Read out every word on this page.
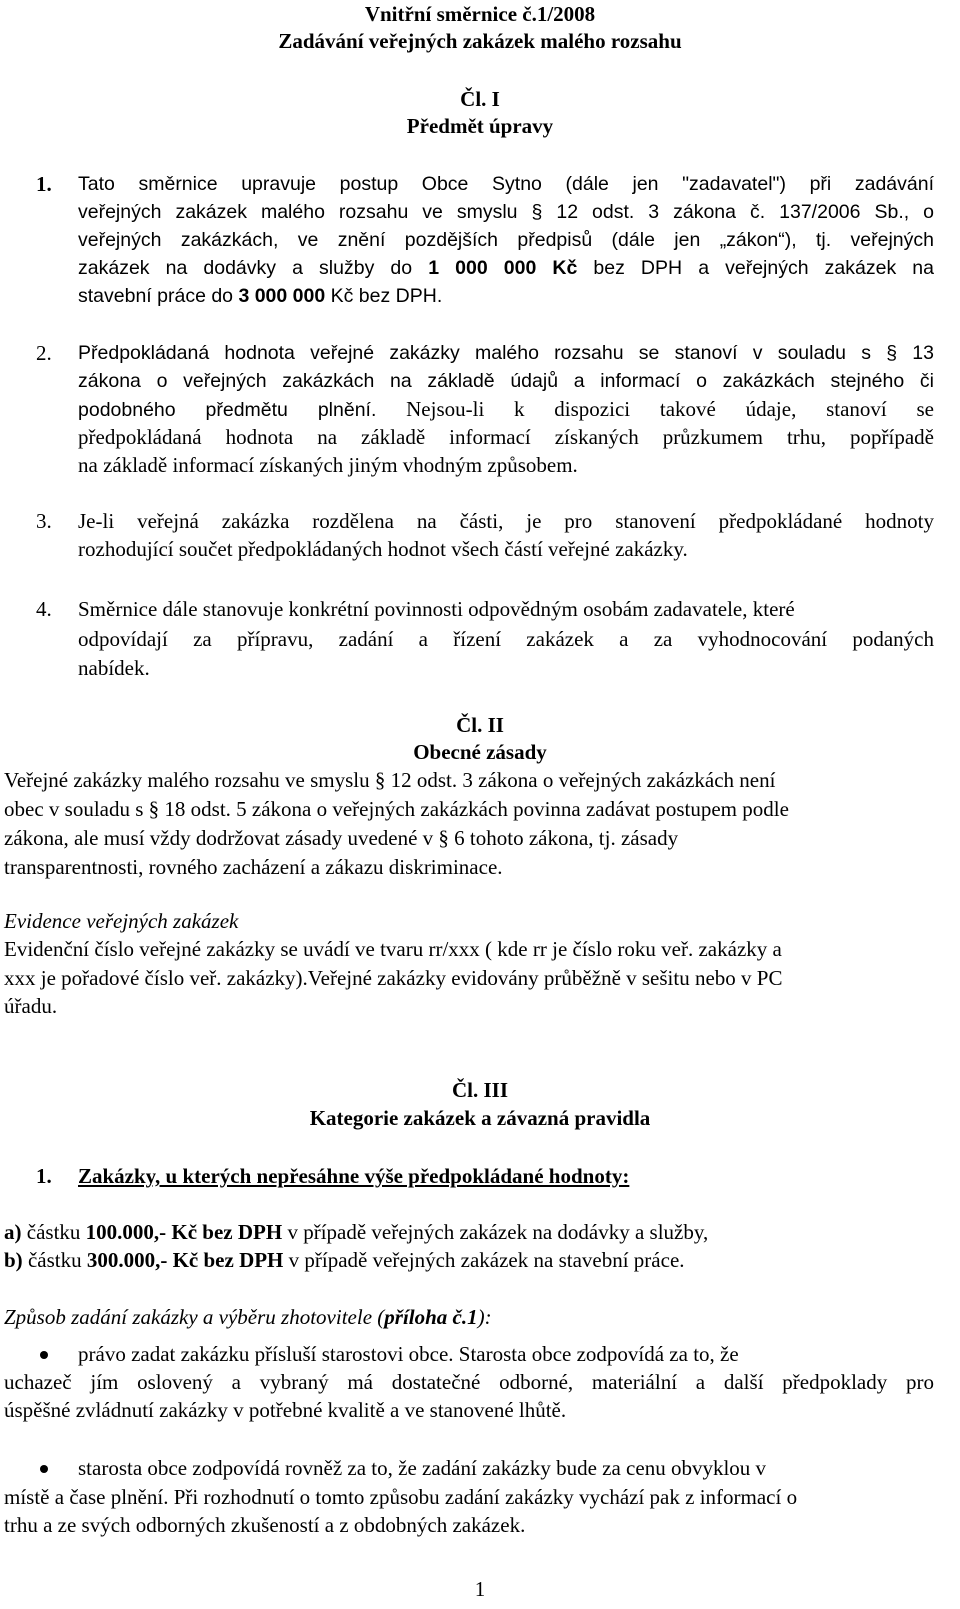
Vnitřní směrnice č.1/2008
Zadávání veřejných zakázek malého rozsahu
Čl. I
Předmět úpravy
1. Tato směrnice upravuje postup Obce Sytno (dále jen "zadavatel") při zadávání
veřejných zakázek malého rozsahu ve smyslu § 12 odst. 3 zákona č. 137/2006 Sb., o
veřejných zakázkách, ve znění pozdějších předpisů (dále jen „zákon“), tj. veřejných
zakázek na dodávky a služby do 1 000 000 Kč bez DPH a veřejných zakázek na
stavební práce do 3 000 000 Kč bez DPH.
2. Předpokládaná hodnota veřejné zakázky malého rozsahu se stanoví v souladu s § 13
zákona o veřejných zakázkách na základě údajů a informací o zakázkách stejného či
podobného předmětu plnění. Nejsou-li k dispozici takové údaje, stanoví se
předpokládaná hodnota na základě informací získaných průzkumem trhu, popřípadě
na základě informací získaných jiným vhodným způsobem.
3. Je-li veřejná zakázka rozdělena na části, je pro stanovení předpokládané hodnoty
rozhodující součet předpokládaných hodnot všech částí veřejné zakázky.
4. Směrnice dále stanovuje konkrétní povinnosti odpovědným osobám zadavatele, které
odpovídají za přípravu, zadání a řízení zakázek a za vyhodnocování podaných
nabídek.
Čl. II
Obecné zásady
Veřejné zakázky malého rozsahu ve smyslu § 12 odst. 3 zákona o veřejných zakázkách není
obec v souladu s § 18 odst. 5 zákona o veřejných zakázkách povinna zadávat postupem podle
zákona, ale musí vždy dodržovat zásady uvedené v § 6 tohoto zákona, tj. zásady
transparentnosti, rovného zacházení a zákazu diskriminace.
Evidence veřejných zakázek
Evidenční číslo veřejné zakázky se uvádí ve tvaru rr/xxx ( kde rr je číslo roku veř. zakázky a
xxx je pořadové číslo veř. zakázky).Veřejné zakázky evidovány průběžně v sešitu nebo v PC
úřadu.
Čl. III
Kategorie zakázek a závazná pravidla
1. Zakázky, u kterých nepřesáhne výše předpokládané hodnoty:
a) částku 100.000,- Kč bez DPH v případě veřejných zakázek na dodávky a služby,
b) částku 300.000,- Kč bez DPH v případě veřejných zakázek na stavební práce.
Způsob zadání zakázky a výběru zhotovitele (příloha č.1):
právo zadat zakázku přísluší starostovi obce. Starosta obce zodpovídá za to, že
uchazeč jím oslovený a vybraný má dostatečné odborné, materiální a další předpoklady pro
úspěšné zvládnutí zakázky v potřebné kvalitě a ve stanovené lhůtě.
starosta obce zodpovídá rovněž za to, že zadání zakázky bude za cenu obvyklou v
místě a čase plnění. Při rozhodnutí o tomto způsobu zadání zakázky vychází pak z informací o
trhu a ze svých odborných zkušeností a z obdobných zakázek.
1
